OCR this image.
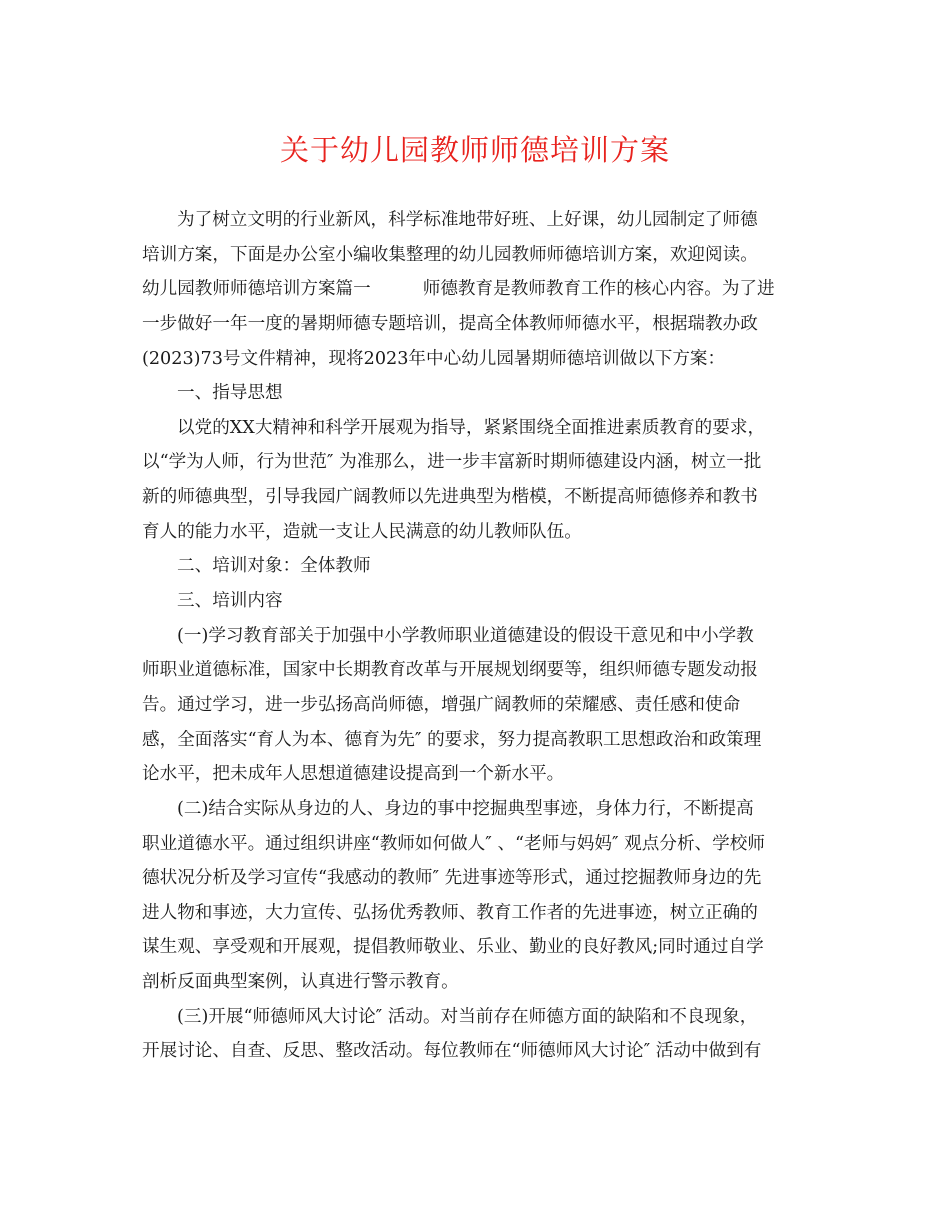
关于幼儿园教师师德培训方案
为了树立文明的行业新风，科学标准地带好班、上好课，幼儿园制定了师德
培训方案，下面是办公室小编收集整理的幼儿园教师师德培训方案，欢迎阅读。
幼儿园教师师德培训方案篇一	师德教育是教师教育工作的核心内容。为了进
一步做好一年一度的暑期师德专题培训，提高全体教师师德水平，根据瑞教办政
(2023)73号文件精神，现将2023年中心幼儿园暑期师德培训做以下方案：
一、指导思想
以党的XX大精神和科学开展观为指导，紧紧围绕全面推进素质教育的要求，
以“学为人师，行为世范″ 为准那么，进一步丰富新时期师德建设内涵，树立一批
新的师德典型，引导我园广阔教师以先进典型为楷模，不断提高师德修养和教书
育人的能力水平，造就一支让人民满意的幼儿教师队伍。
二、培训对象：全体教师
三、培训内容
(一)学习教育部关于加强中小学教师职业道德建设的假设干意见和中小学教
师职业道德标准，国家中长期教育改革与开展规划纲要等，组织师德专题发动报
告。通过学习，进一步弘扬高尚师德，增强广阔教师的荣耀感、责任感和使命
感，全面落实“育人为本、德育为先″ 的要求，努力提高教职工思想政治和政策理
论水平，把未成年人思想道德建设提高到一个新水平。
(二)结合实际从身边的人、身边的事中挖掘典型事迹，身体力行，不断提高
职业道德水平。通过组织讲座“教师如何做人″ 、“老师与妈妈″ 观点分析、学校师
德状况分析及学习宣传“我感动的教师″ 先进事迹等形式，通过挖掘教师身边的先
进人物和事迹，大力宣传、弘扬优秀教师、教育工作者的先进事迹，树立正确的
谋生观、享受观和开展观，提倡教师敬业、乐业、勤业的良好教风;同时通过自学
剖析反面典型案例，认真进行警示教育。
(三)开展“师德师风大讨论″ 活动。对当前存在师德方面的缺陷和不良现象，
开展讨论、自查、反思、整改活动。每位教师在“师德师风大讨论″ 活动中做到有
